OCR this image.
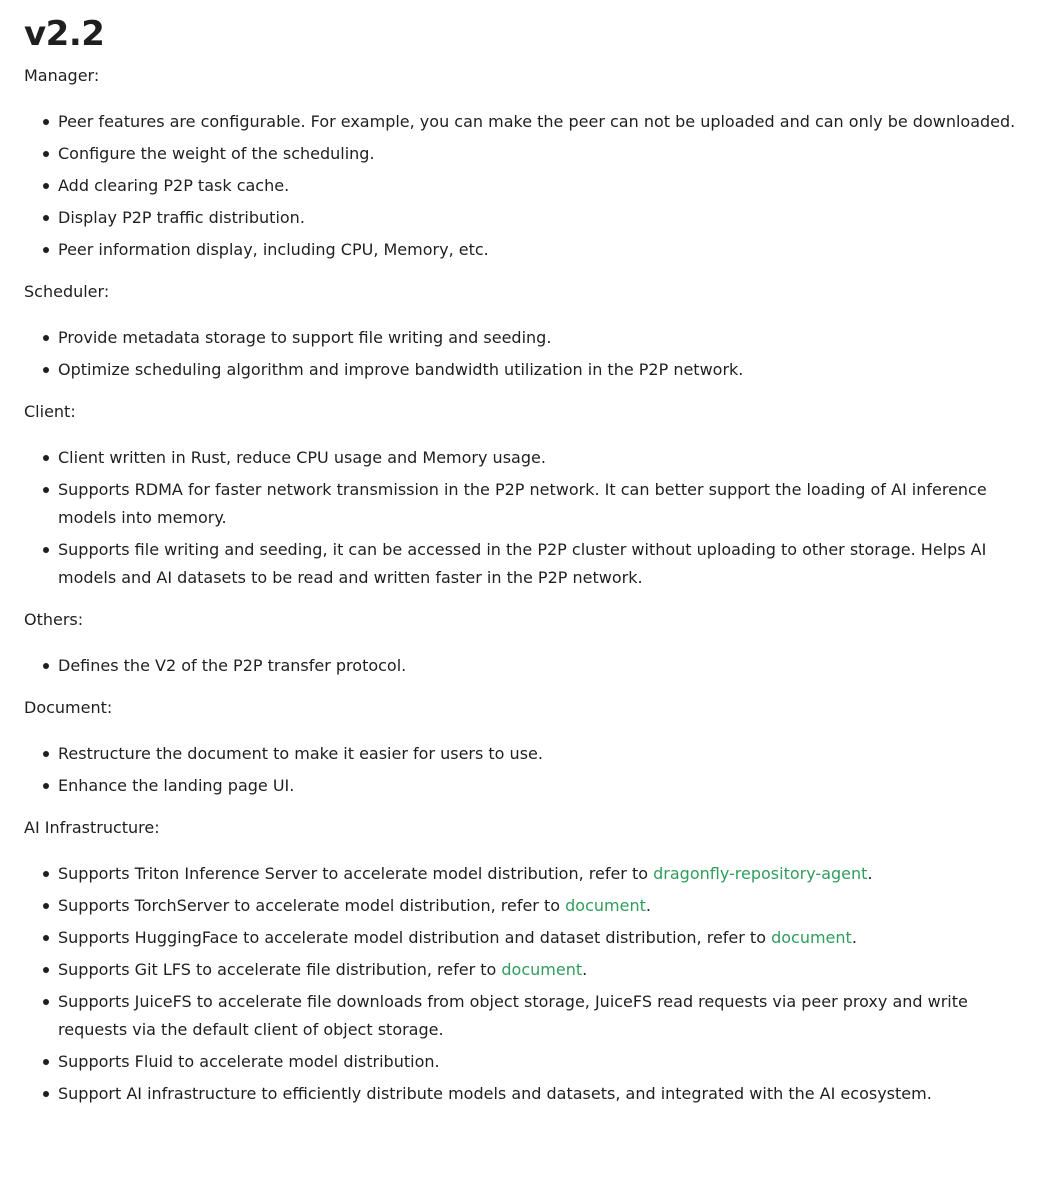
v2.2

Manager:

Peer features are configurable. For example, you can make the peer can not be uploaded and can only be downloaded.
Configure the weight of the scheduling.
Add clearing P2P task cache.
Display P2P traffic distribution.
Peer information display, including CPU, Memory, etc.

Scheduler:

Provide metadata storage to support file writing and seeding.
Optimize scheduling algorithm and improve bandwidth utilization in the P2P network.

Client:

Client written in Rust, reduce CPU usage and Memory usage.
Supports RDMA for faster network transmission in the P2P network. It can better support the loading of AI inference models into memory.
Supports file writing and seeding, it can be accessed in the P2P cluster without uploading to other storage. Helps AI models and AI datasets to be read and written faster in the P2P network.

Others:

Defines the V2 of the P2P transfer protocol.

Document:

Restructure the document to make it easier for users to use.
Enhance the landing page UI.

AI Infrastructure:

Supports Triton Inference Server to accelerate model distribution, refer to dragonfly-repository-agent.
Supports TorchServer to accelerate model distribution, refer to document.
Supports HuggingFace to accelerate model distribution and dataset distribution, refer to document.
Supports Git LFS to accelerate file distribution, refer to document.
Supports JuiceFS to accelerate file downloads from object storage, JuiceFS read requests via peer proxy and write requests via the default client of object storage.
Supports Fluid to accelerate model distribution.
Support AI infrastructure to efficiently distribute models and datasets, and integrated with the AI ecosystem.
